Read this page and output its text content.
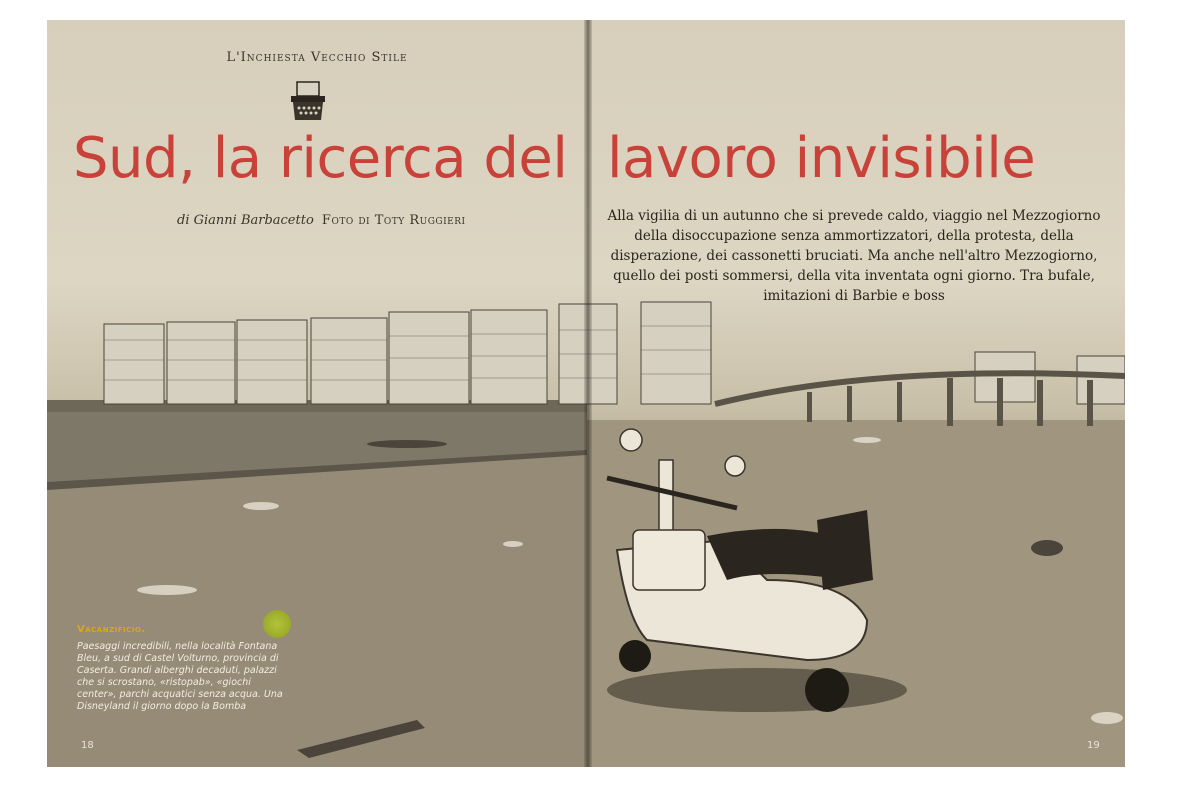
L'Inchiesta Vecchio Stile
di Gianni Barbacetto Foto di Toty Ruggieri
Vacanzificio.
Paesaggi incredibili, nella località Fontana Bleu, a sud di Castel Volturno, provincia di Caserta. Grandi alberghi decaduti, palazzi che si scrostano, «ristopab», «giochi center», parchi acquatici senza acqua. Una Disneyland il giorno dopo la Bomba
Sud, la ricerca del lavoro invisibile
Alla vigilia di un autunno che si prevede caldo, viaggio nel Mezzogiorno della disoccupazione senza ammortizzatori, della protesta, della disperazione, dei cassonetti bruciati. Ma anche nell'altro Mezzogiorno, quello dei posti sommersi, della vita inventata ogni giorno. Tra bufale, imitazioni di Barbie e boss
18	19
